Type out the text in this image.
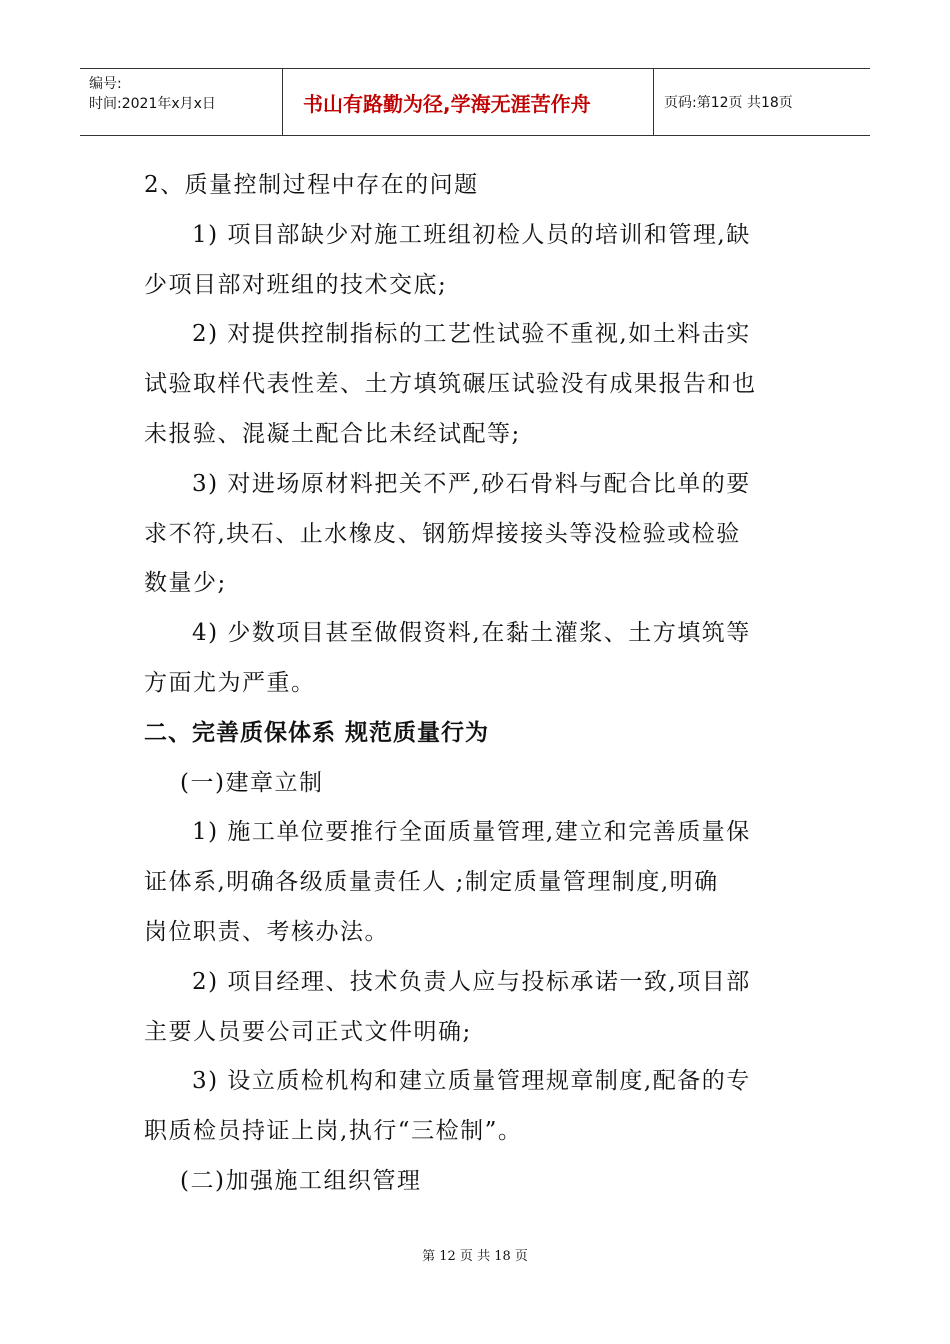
编号:
时间:2021年x月x日	书山有路勤为径,学海无涯苦作舟	页码:第12页 共18页

2、质量控制过程中存在的问题

1) 项目部缺少对施工班组初检人员的培训和管理,缺

少项目部对班组的技术交底;

2) 对提供控制指标的工艺性试验不重视,如土料击实

试验取样代表性差、土方填筑碾压试验没有成果报告和也

未报验、混凝土配合比未经试配等;

3) 对进场原材料把关不严,砂石骨料与配合比单的要

求不符,块石、止水橡皮、钢筋焊接接头等没检验或检验

数量少;

4) 少数项目甚至做假资料,在黏土灌浆、土方填筑等

方面尤为严重。

二、完善质保体系 规范质量行为

(一)建章立制

1) 施工单位要推行全面质量管理,建立和完善质量保

证体系,明确各级质量责任人 ;制定质量管理制度,明确

岗位职责、考核办法。

2) 项目经理、技术负责人应与投标承诺一致,项目部

主要人员要公司正式文件明确;

3) 设立质检机构和建立质量管理规章制度,配备的专

职质检员持证上岗,执行“三检制”。

(二)加强施工组织管理

第 12 页 共 18 页
